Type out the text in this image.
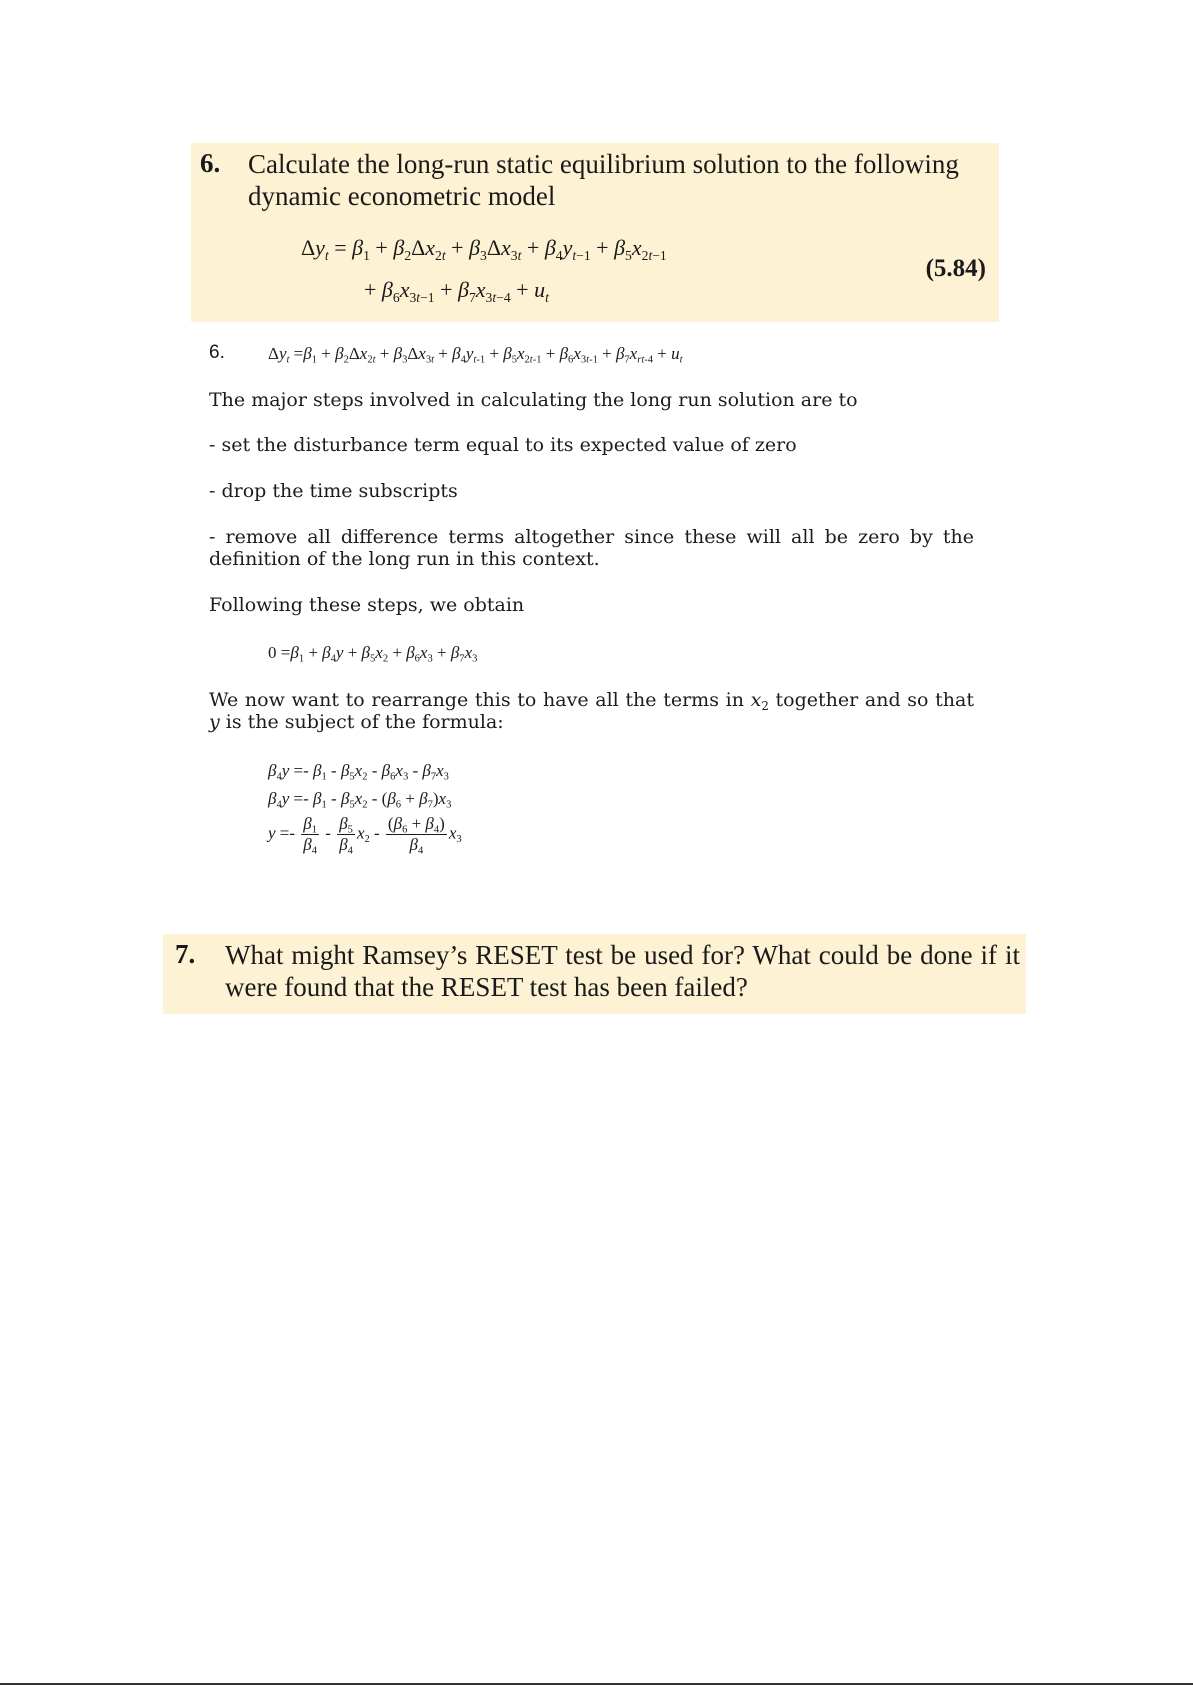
6. Calculate the long-run static equilibrium solution to the following dynamic econometric model
$\Delta y_t = \beta_1 + \beta_2\Delta x_{2t} + \beta_3\Delta x_{3t} + \beta_4y_{t-1} + \beta_5x_{2t-1}$
+ $\beta_6x_{3t-1} + \beta_7x_{3t-4} + u_t$
(5.84)
6.	$\Delta y_t =\beta_1 + \beta_2\Delta x_{2t} + \beta_3\Delta x_{3t} + \beta_4y_{t-1} + \beta_5x_{2t-1} + \beta_6x_{3t-1} + \beta_7x_{rt-4} + u_t$
The major steps involved in calculating the long run solution are to
- set the disturbance term equal to its expected value of zero
- drop the time subscripts
- remove all difference terms altogether since these will all be zero by the definition of the long run in this context.
Following these steps, we obtain
$0 =\beta_1 + \beta_4y + \beta_5x_2 + \beta_6x_3 + \beta_7x_3$
We now want to rearrange this to have all the terms in $x_2$ together and so that y is the subject of the formula:
$\beta_4y =- \beta_1 - \beta_5x_2 - \beta_6x_3 - \beta_7x_3$
$\beta_4y =- \beta_1 - \beta_5x_2 - (\beta_6 + \beta_7)x_3$
$y =- \frac{\beta_1}{\beta_4} - \frac{\beta_5}{\beta_4} x_2 - \frac{(\beta_6 + \beta_4)}{\beta_4} x_3$
7. What might Ramsey’s RESET test be used for? What could be done if it were found that the RESET test has been failed?
